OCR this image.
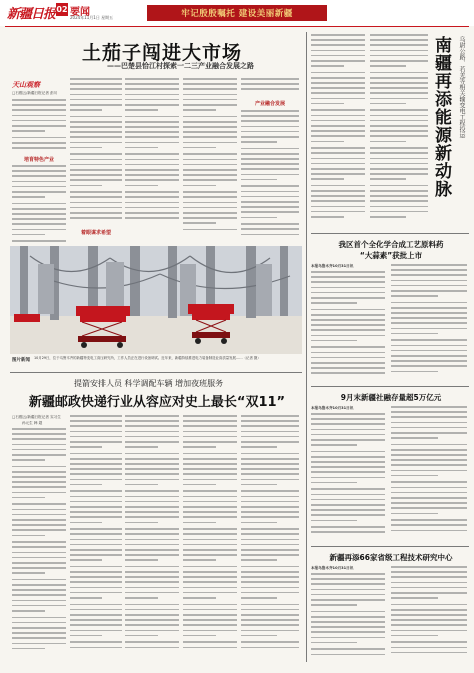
新疆日报 02 要闻
2024年11月1日 星期五	牢记殷殷嘱托 建设美丽新疆
土茄子闯进大市场
——巴楚县恰江村探索一二三产业融合发展之路
天山观察
□石榴云/新疆日报记者 彭川
培育特色产业
着眼谋求希望
产业融合发展
图片新闻 10月29日，位于乌鲁木齐的新疆特变电工高压研究所，工作人员正在进行设备调试。近年来，新疆持续推进电力装备制造业高质量发展……（记者 摄）
南疆再添能源新动脉	乌尉公路、若羌等相关输变电工程投运
我区首个全化学合成工艺原料药
“大蒜素”获批上市
本报乌鲁木齐10月31日讯
9月末新疆社融存量超5万亿元
本报乌鲁木齐10月31日讯
新疆再添66家省级工程技术研究中心
本报乌鲁木齐10月31日讯
提箭安排人员 科学调配车辆 增加夜班服务
新疆邮政快递行业从容应对史上最长“双11”
□石榴云/新疆日报记者 实习生
孙元生 韩 超
